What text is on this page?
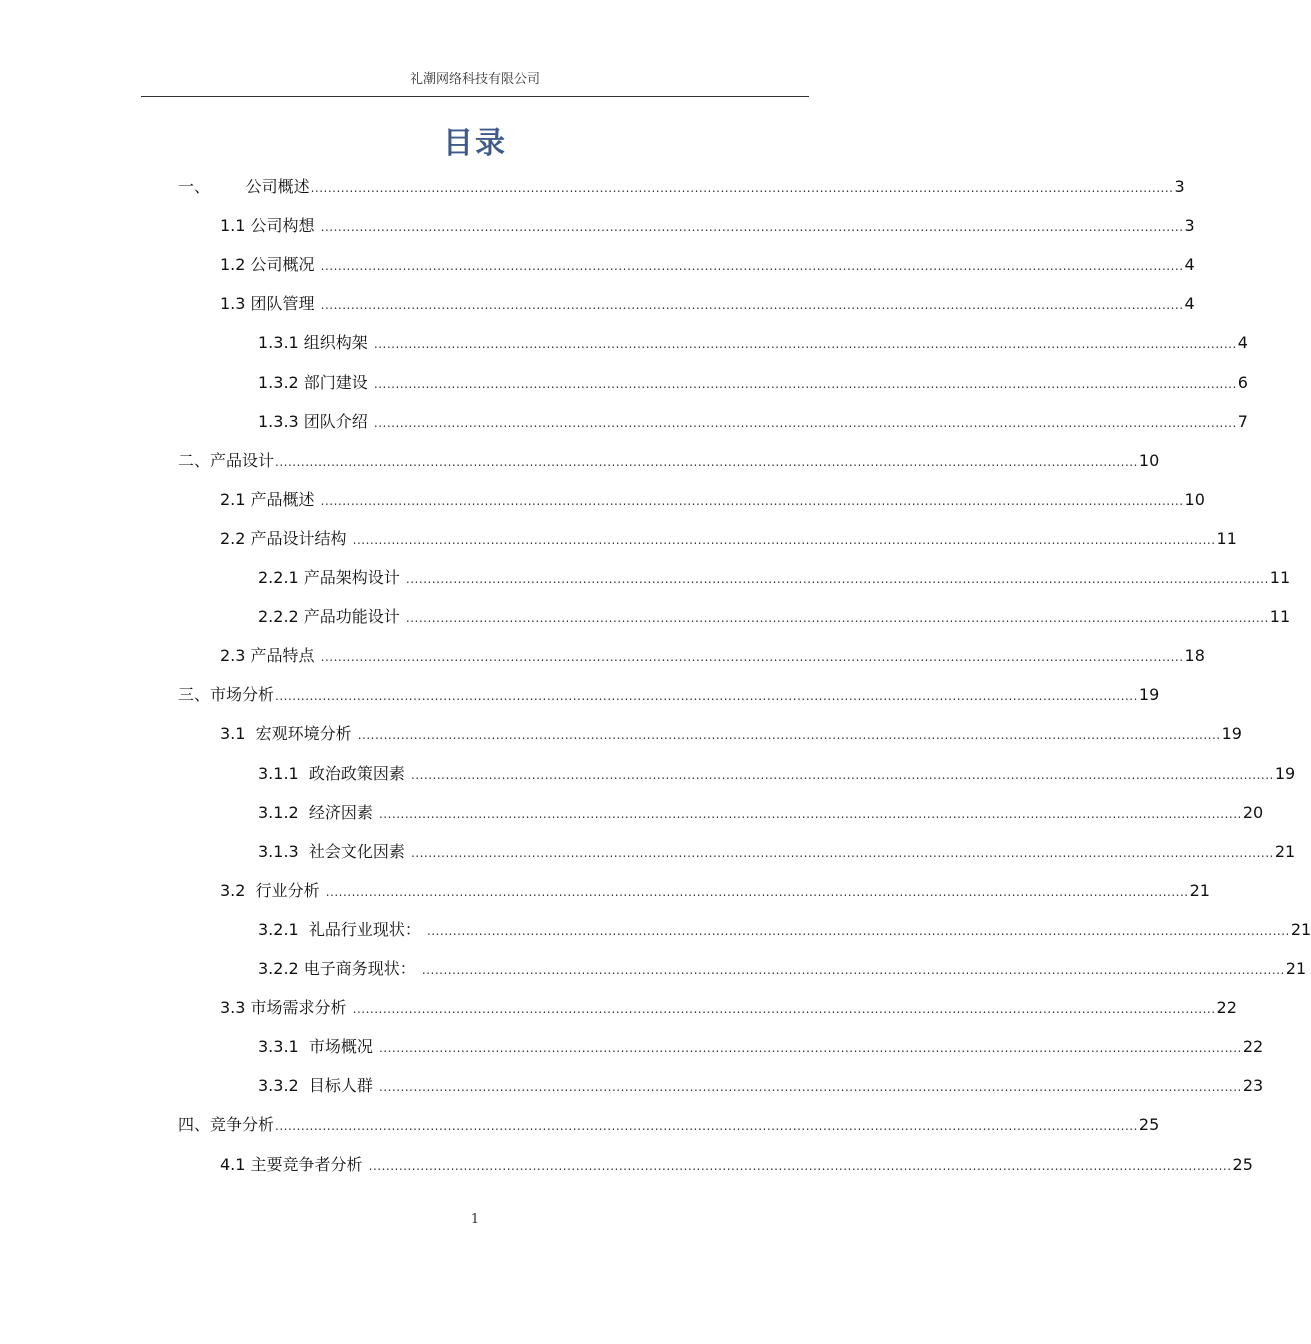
礼潮网络科技有限公司
目录
一、       公司概述 ........................................................................................................................................................................................................ 3
1.1 公司构想 ........................................................................................................................................................................................................ 3
1.2 公司概况 ........................................................................................................................................................................................................ 4
1.3 团队管理 ........................................................................................................................................................................................................ 4
1.3.1 组织构架 ........................................................................................................................................................................................................ 4
1.3.2 部门建设 ........................................................................................................................................................................................................ 6
1.3.3 团队介绍 ........................................................................................................................................................................................................ 7
二、产品设计 ........................................................................................................................................................................................................ 10
2.1 产品概述 ........................................................................................................................................................................................................ 10
2.2 产品设计结构 ........................................................................................................................................................................................................ 11
2.2.1 产品架构设计 ........................................................................................................................................................................................................ 11
2.2.2 产品功能设计 ........................................................................................................................................................................................................ 11
2.3 产品特点 ........................................................................................................................................................................................................ 18
三、市场分析 ........................................................................................................................................................................................................ 19
3.1  宏观环境分析 ........................................................................................................................................................................................................ 19
3.1.1  政治政策因素 ........................................................................................................................................................................................................ 19
3.1.2  经济因素 ........................................................................................................................................................................................................ 20
3.1.3  社会文化因素 ........................................................................................................................................................................................................ 21
3.2  行业分析 ........................................................................................................................................................................................................ 21
3.2.1  礼品行业现状： ........................................................................................................................................................................................................ 21
3.2.2 电子商务现状： ........................................................................................................................................................................................................ 21
3.3 市场需求分析 ........................................................................................................................................................................................................ 22
3.3.1  市场概况 ........................................................................................................................................................................................................ 22
3.3.2  目标人群 ........................................................................................................................................................................................................ 23
四、竞争分析 ........................................................................................................................................................................................................ 25
4.1 主要竞争者分析 ........................................................................................................................................................................................................ 25
1
